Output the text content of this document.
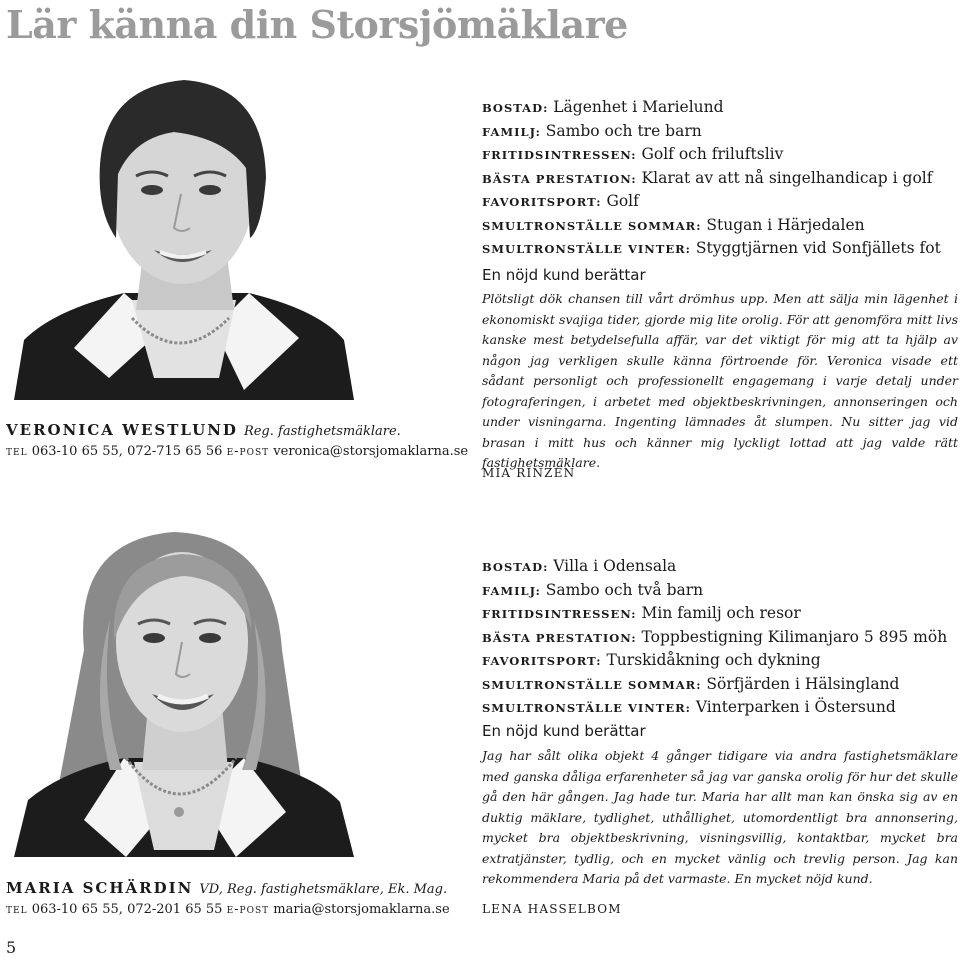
Lär känna din Storsjömäklare
VERONICA WESTLUND Reg. fastighetsmäklare.
tel 063-10 65 55, 072-715 65 56 e-post veronica@storsjomaklarna.se
BOSTAD: Lägenhet i Marielund
FAMILJ: Sambo och tre barn
FRITIDSINTRESSEN: Golf och friluftsliv
BÄSTA PRESTATION: Klarat av att nå singelhandicap i golf
FAVORITSPORT: Golf
SMULTRONSTÄLLE SOMMAR: Stugan i Härjedalen
SMULTRONSTÄLLE VINTER: Styggtjärnen vid Sonfjällets fot
En nöjd kund berättar

Plötsligt dök chansen till vårt drömhus upp. Men att sälja min lägenhet i ekonomiskt svajiga tider, gjorde mig lite orolig. För att genomföra mitt livs kanske mest betydelsefulla affär, var det viktigt för mig att ta hjälp av någon jag verkligen skulle känna förtroende för. Veronica visade ett sådant personligt och professionellt engagemang i varje detalj under fotograferingen, i arbetet med objektbeskrivningen, annonseringen och under visningarna. Ingenting lämnades åt slumpen. Nu sitter jag vid brasan i mitt hus och känner mig lyckligt lottad att jag valde rätt fastighetsmäklare.

MIA RINZÉN
MARIA SCHÄRDIN VD, Reg. fastighetsmäklare, Ek. Mag.
tel 063-10 65 55, 072-201 65 55 e-post maria@storsjomaklarna.se
BOSTAD: Villa i Odensala
FAMILJ: Sambo och två barn
FRITIDSINTRESSEN: Min familj och resor
BÄSTA PRESTATION: Toppbestigning Kilimanjaro 5 895 möh
FAVORITSPORT: Turskidåkning och dykning
SMULTRONSTÄLLE SOMMAR: Sörfjärden i Hälsingland
SMULTRONSTÄLLE VINTER: Vinterparken i Östersund
En nöjd kund berättar

Jag har sålt olika objekt 4 gånger tidigare via andra fastighetsmäklare med ganska dåliga erfarenheter så jag var ganska orolig för hur det skulle gå den här gången. Jag hade tur. Maria har allt man kan önska sig av en duktig mäklare, tydlighet, uthållighet, utomordentligt bra annonsering, mycket bra objektbeskrivning, visningsvillig, kontaktbar, mycket bra extratjänster, tydlig, och en mycket vänlig och trevlig person. Jag kan rekommendera Maria på det varmaste. En mycket nöjd kund.

LENA HASSELBOM
5
